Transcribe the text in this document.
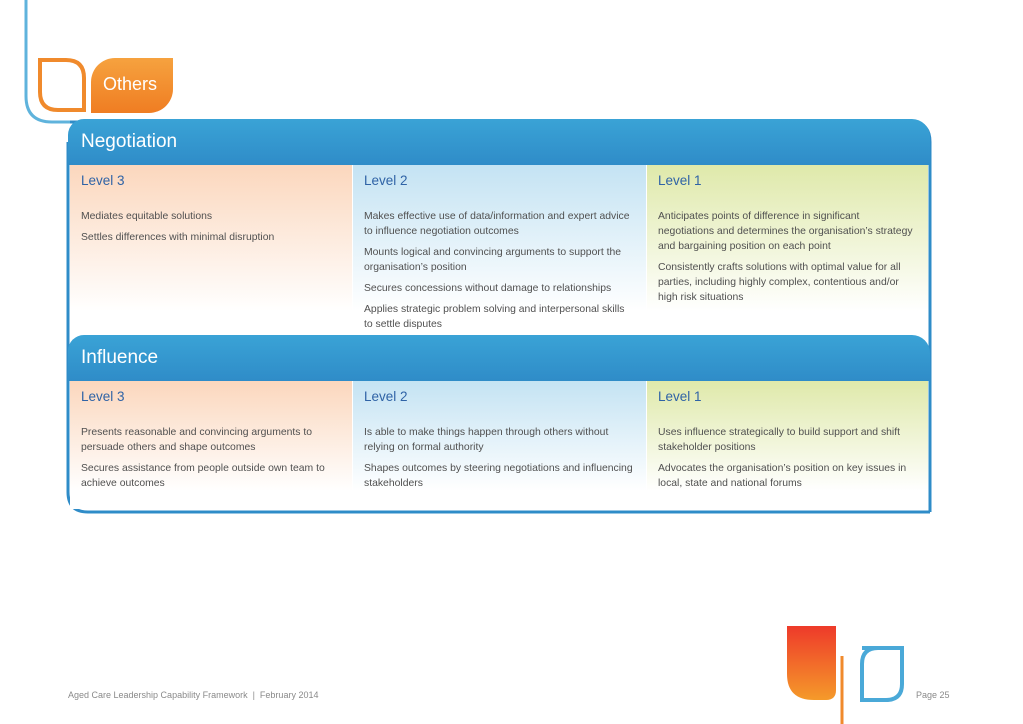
Others
Negotiation
Level 3
Mediates equitable solutions
Settles differences with minimal disruption
Level 2
Makes effective use of data/information and expert advice to influence negotiation outcomes
Mounts logical and convincing arguments to support the organisation’s position
Secures concessions without damage to relationships
Applies strategic problem solving and interpersonal skills to settle disputes
Level 1
Anticipates points of difference in significant negotiations and determines the organisation’s strategy and bargaining position on each point
Consistently crafts solutions with optimal value for all parties, including highly complex, contentious and/or high risk situations
Influence
Level 3
Presents reasonable and convincing arguments to persuade others and shape outcomes
Secures assistance from people outside own team to achieve outcomes
Level 2
Is able to make things happen through others without relying on formal authority
Shapes outcomes by steering negotiations and influencing stakeholders
Level 1
Uses influence strategically to build support and shift stakeholder positions
Advocates the organisation’s position on key issues in local, state and national forums
Aged Care Leadership Capability Framework  |  February 2014	Page 25
